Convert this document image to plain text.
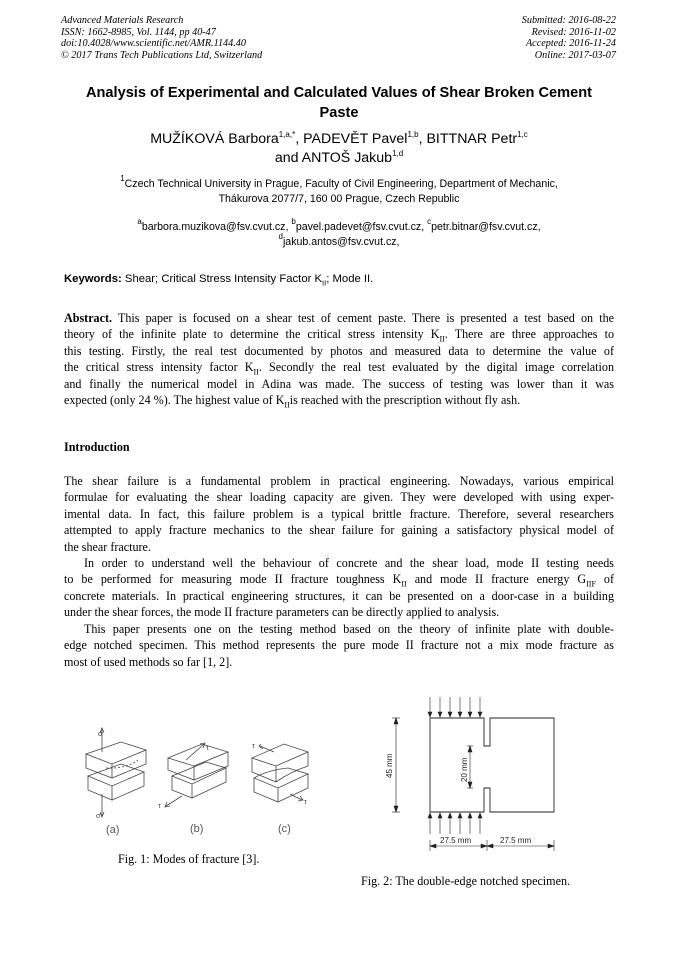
Advanced Materials Research
ISSN: 1662-8985, Vol. 1144, pp 40-47
doi:10.4028/www.scientific.net/AMR.1144.40
© 2017 Trans Tech Publications Ltd, Switzerland
Submitted: 2016-08-22
Revised: 2016-11-02
Accepted: 2016-11-24
Online: 2017-03-07
Analysis of Experimental and Calculated Values of Shear Broken Cement
Paste
MUŽÍKOVÁ Barbora$^{1,a,*}$, PADEVĚT Pavel$^{1,b}$, BITTNAR Petr$^{1,c}$
and ANTOŠ Jakub$^{1,d}$
$^1$Czech Technical University in Prague, Faculty of Civil Engineering, Department of Mechanic,
Thákurova 2077/7, 160 00 Prague, Czech Republic
$^a$barbora.muzikova@fsv.cvut.cz, $^b$pavel.padevet@fsv.cvut.cz, $^c$petr.bitnar@fsv.cvut.cz,
$^d$jakub.antos@fsv.cvut.cz,
Keywords: Shear; Critical Stress Intensity Factor $K_{II}$; Mode II.
Abstract. This paper is focused on a shear test of cement paste. There is presented a test based on the
theory of the infinite plate to determine the critical stress intensity $K_{II}$. There are three approaches to
this testing. Firstly, the real test documented by photos and measured data to determine the value of
the critical stress intensity factor $K_{II}$. Secondly the real test evaluated by the digital image correlation
and finally the numerical model in Adina was made. The success of testing was lower than it was
expected (only 24 %). The highest value of $K_{II}is$ reached with the prescription without fly ash.
Introduction
The shear failure is a fundamental problem in practical engineering. Nowadays, various empirical
formulae for evaluating the shear loading capacity are given. They were developed with using exper-
imental data. In fact, this failure problem is a typical brittle fracture. Therefore, several researchers
attempted to apply fracture mechanics to the shear failure for gaining a satisfactory physical model of
the shear fracture.
In order to understand well the behaviour of concrete and the shear load, mode II testing needs
to be performed for measuring mode II fracture toughness $K_{II}$ and mode II fracture energy $G_{IIF}$ of
concrete materials. In practical engineering structures, it can be presented on a door-case in a building
under the shear forces, the mode II fracture parameters can be directly applied to analysis.
This paper presents one on the testing method based on the theory of infinite plate with double-
edge notched specimen. This method represents the pure mode II fracture not a mix mode fracture as
most of used methods so far [1, 2].
σ
σ
τ
τ
τ
τ
(a)	(b)	(c)
Fig. 1: Modes of fracture [3].
45 mm	20 mm
27.5 mm	27.5 mm
Fig. 2: The double-edge notched specimen.
